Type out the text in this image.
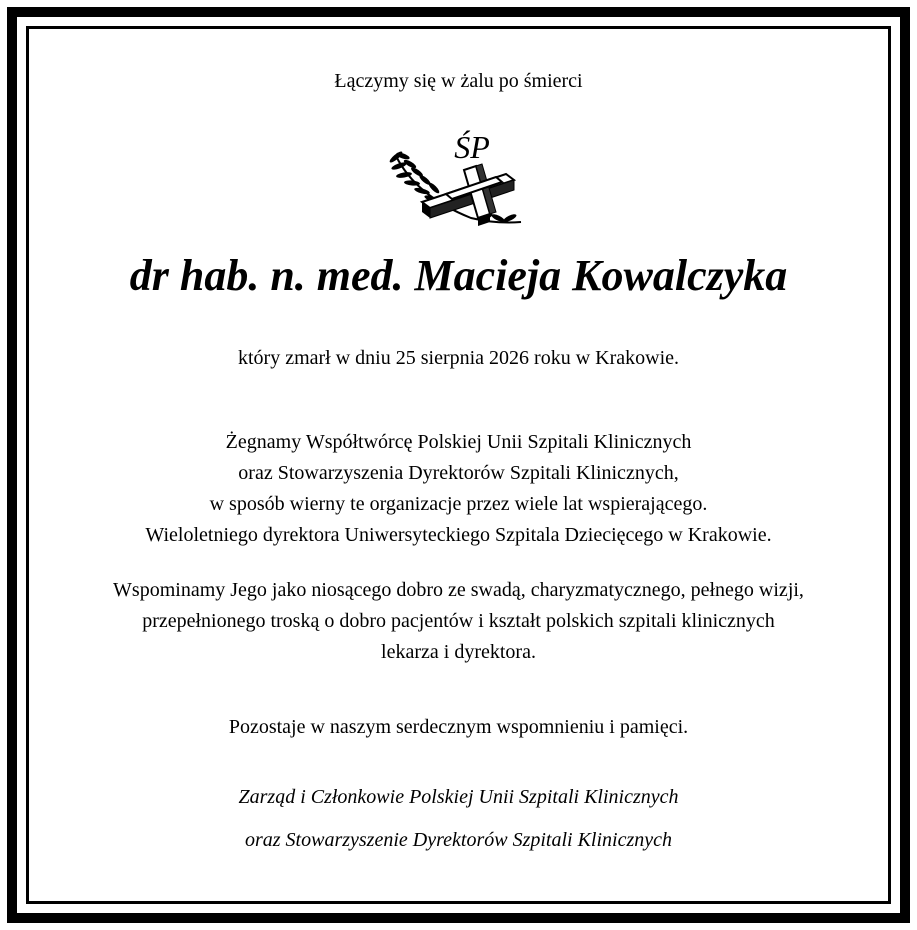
Łączymy się w żalu po śmierci
ŚP
dr hab. n. med. Macieja Kowalczyka
który zmarł w dniu 25 sierpnia 2026 roku w Krakowie.
Żegnamy Współtwórcę Polskiej Unii Szpitali Klinicznych
oraz Stowarzyszenia Dyrektorów Szpitali Klinicznych,
w sposób wierny te organizacje przez wiele lat wspierającego.
Wieloletniego dyrektora Uniwersyteckiego Szpitala Dziecięcego w Krakowie.
Wspominamy Jego jako niosącego dobro ze swadą, charyzmatycznego, pełnego wizji,
przepełnionego troską o dobro pacjentów i kształt polskich szpitali klinicznych
lekarza i dyrektora.
Pozostaje w naszym serdecznym wspomnieniu i pamięci.
Zarząd i Członkowie Polskiej Unii Szpitali Klinicznych
oraz Stowarzyszenie Dyrektorów Szpitali Klinicznych
